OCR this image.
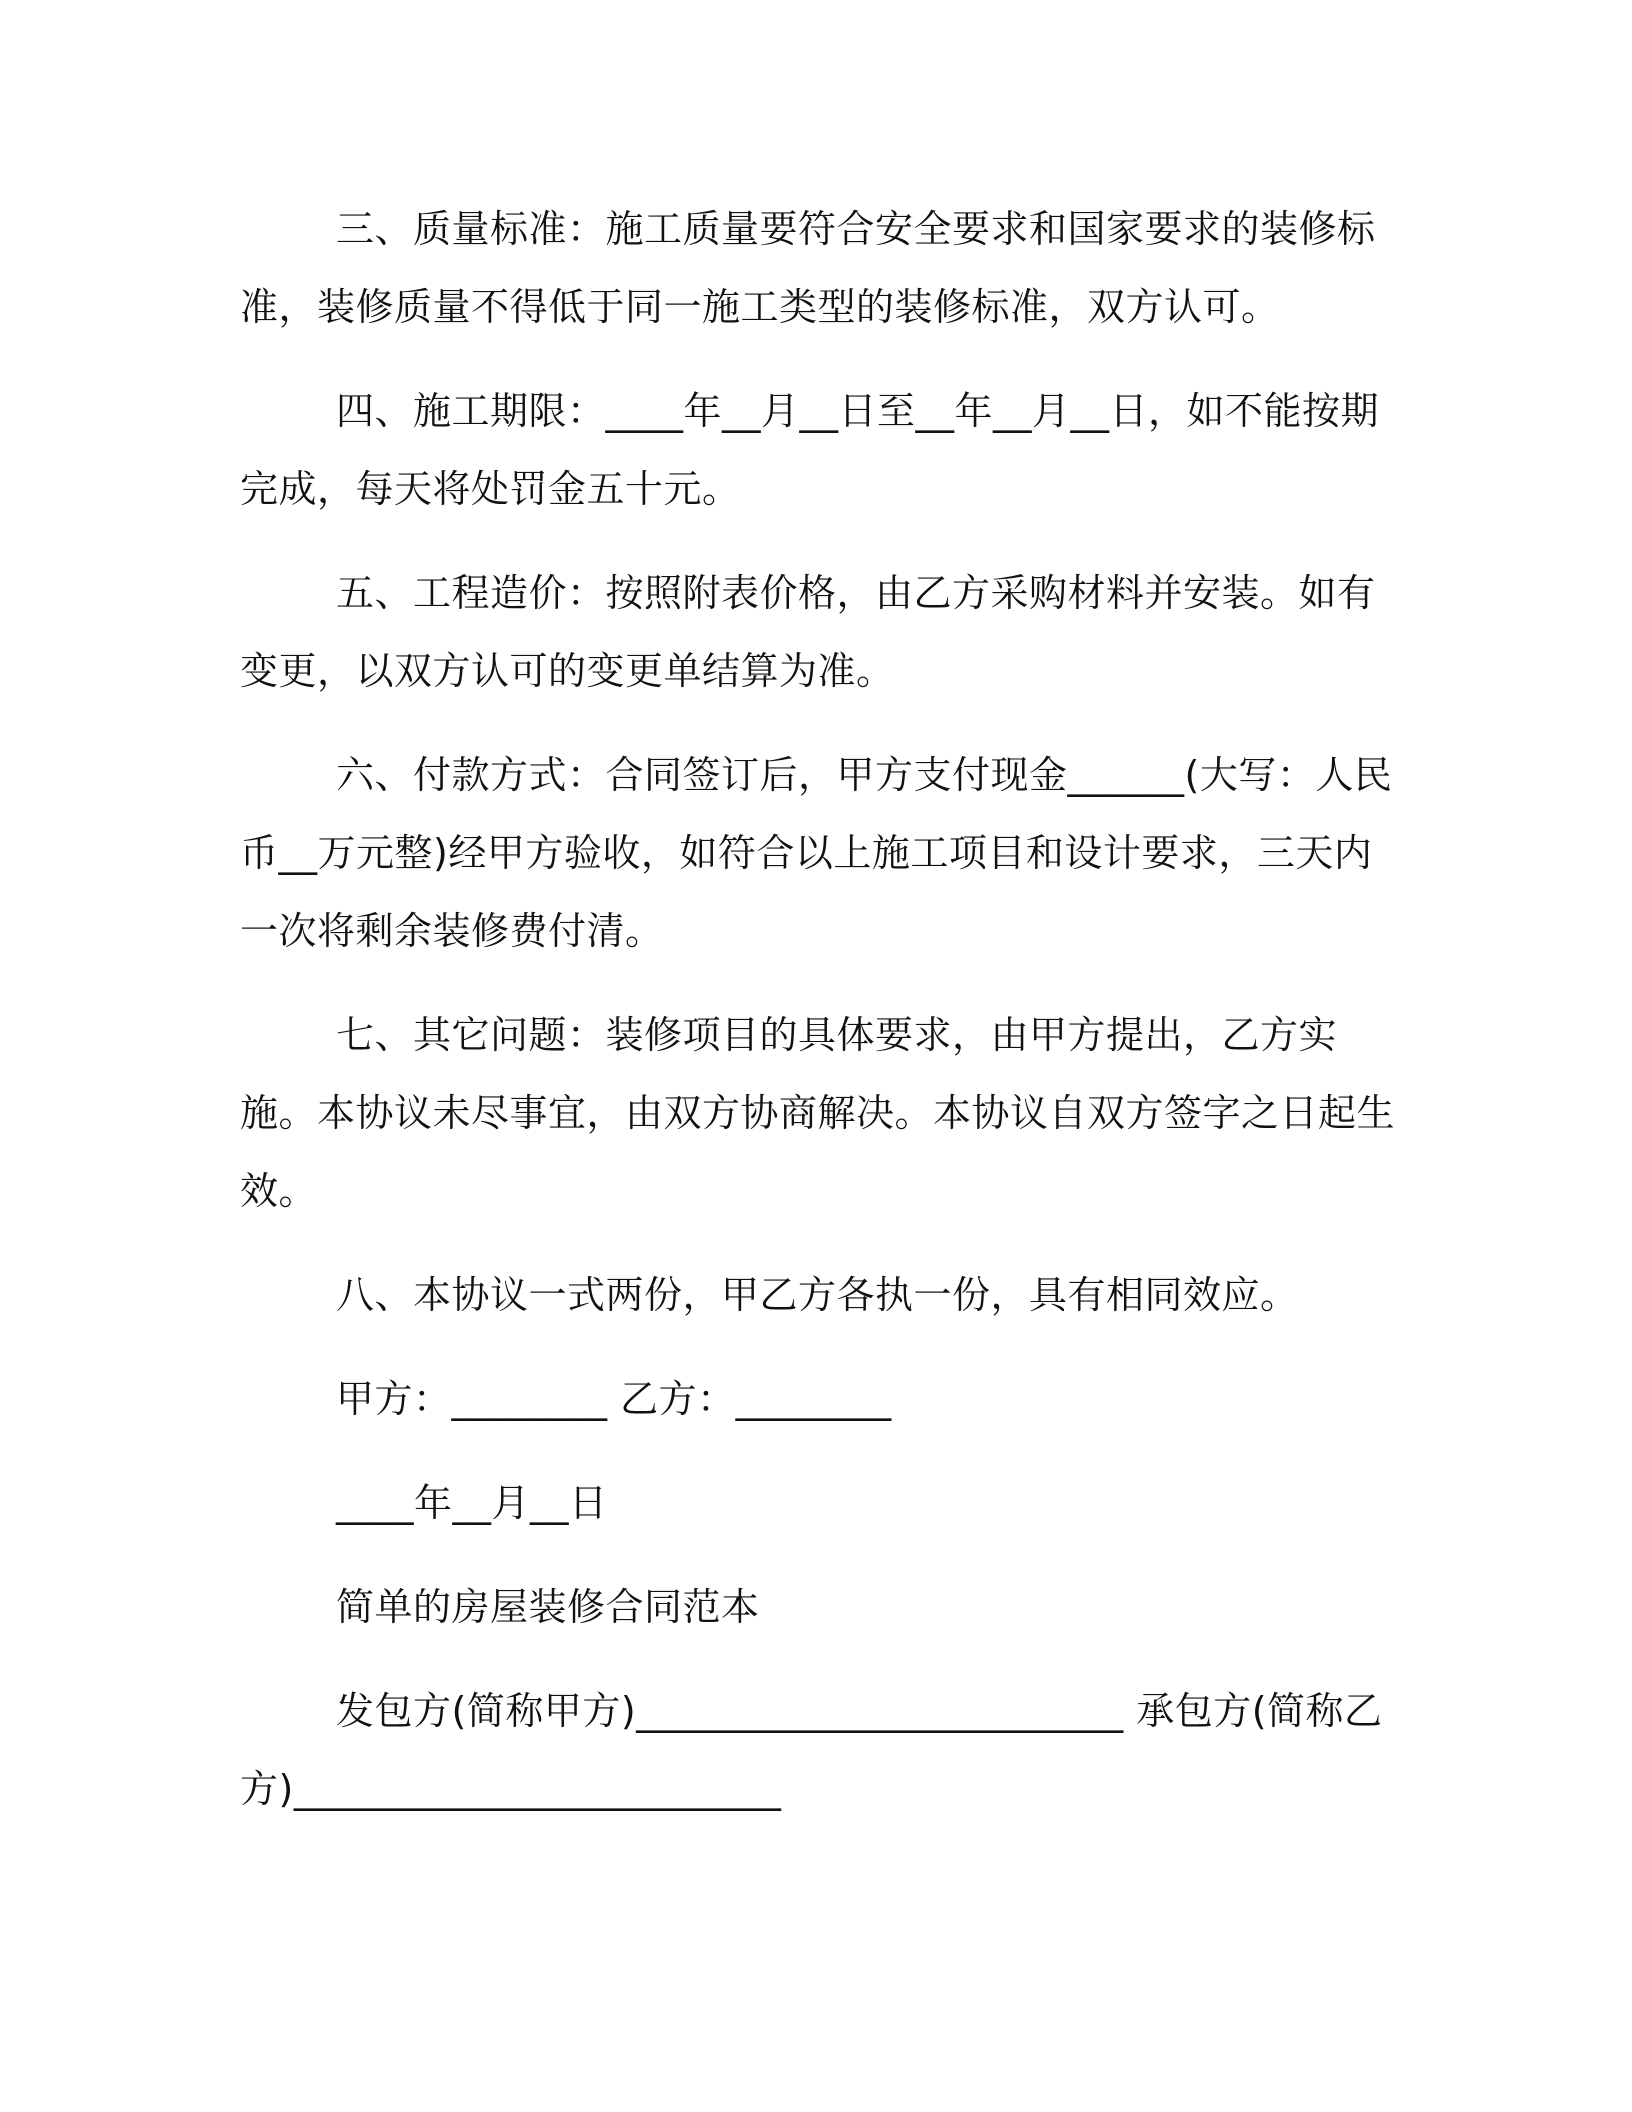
三、质量标准：施工质量要符合安全要求和国家要求的装修标准，装修质量不得低于同一施工类型的装修标准，双方认可。

四、施工期限：____年__月__日至__年__月__日，如不能按期完成，每天将处罚金五十元。

五、工程造价：按照附表价格，由乙方采购材料并安装。如有变更，以双方认可的变更单结算为准。

六、付款方式：合同签订后，甲方支付现金______(大写：人民币__万元整)经甲方验收，如符合以上施工项目和设计要求，三天内一次将剩余装修费付清。

七、其它问题：装修项目的具体要求，由甲方提出，乙方实施。本协议未尽事宜，由双方协商解决。本协议自双方签字之日起生效。

八、本协议一式两份，甲乙方各执一份，具有相同效应。

甲方：________ 乙方：________

____年__月__日

简单的房屋装修合同范本

发包方(简称甲方)_________________________ 承包方(简称乙方)_________________________
